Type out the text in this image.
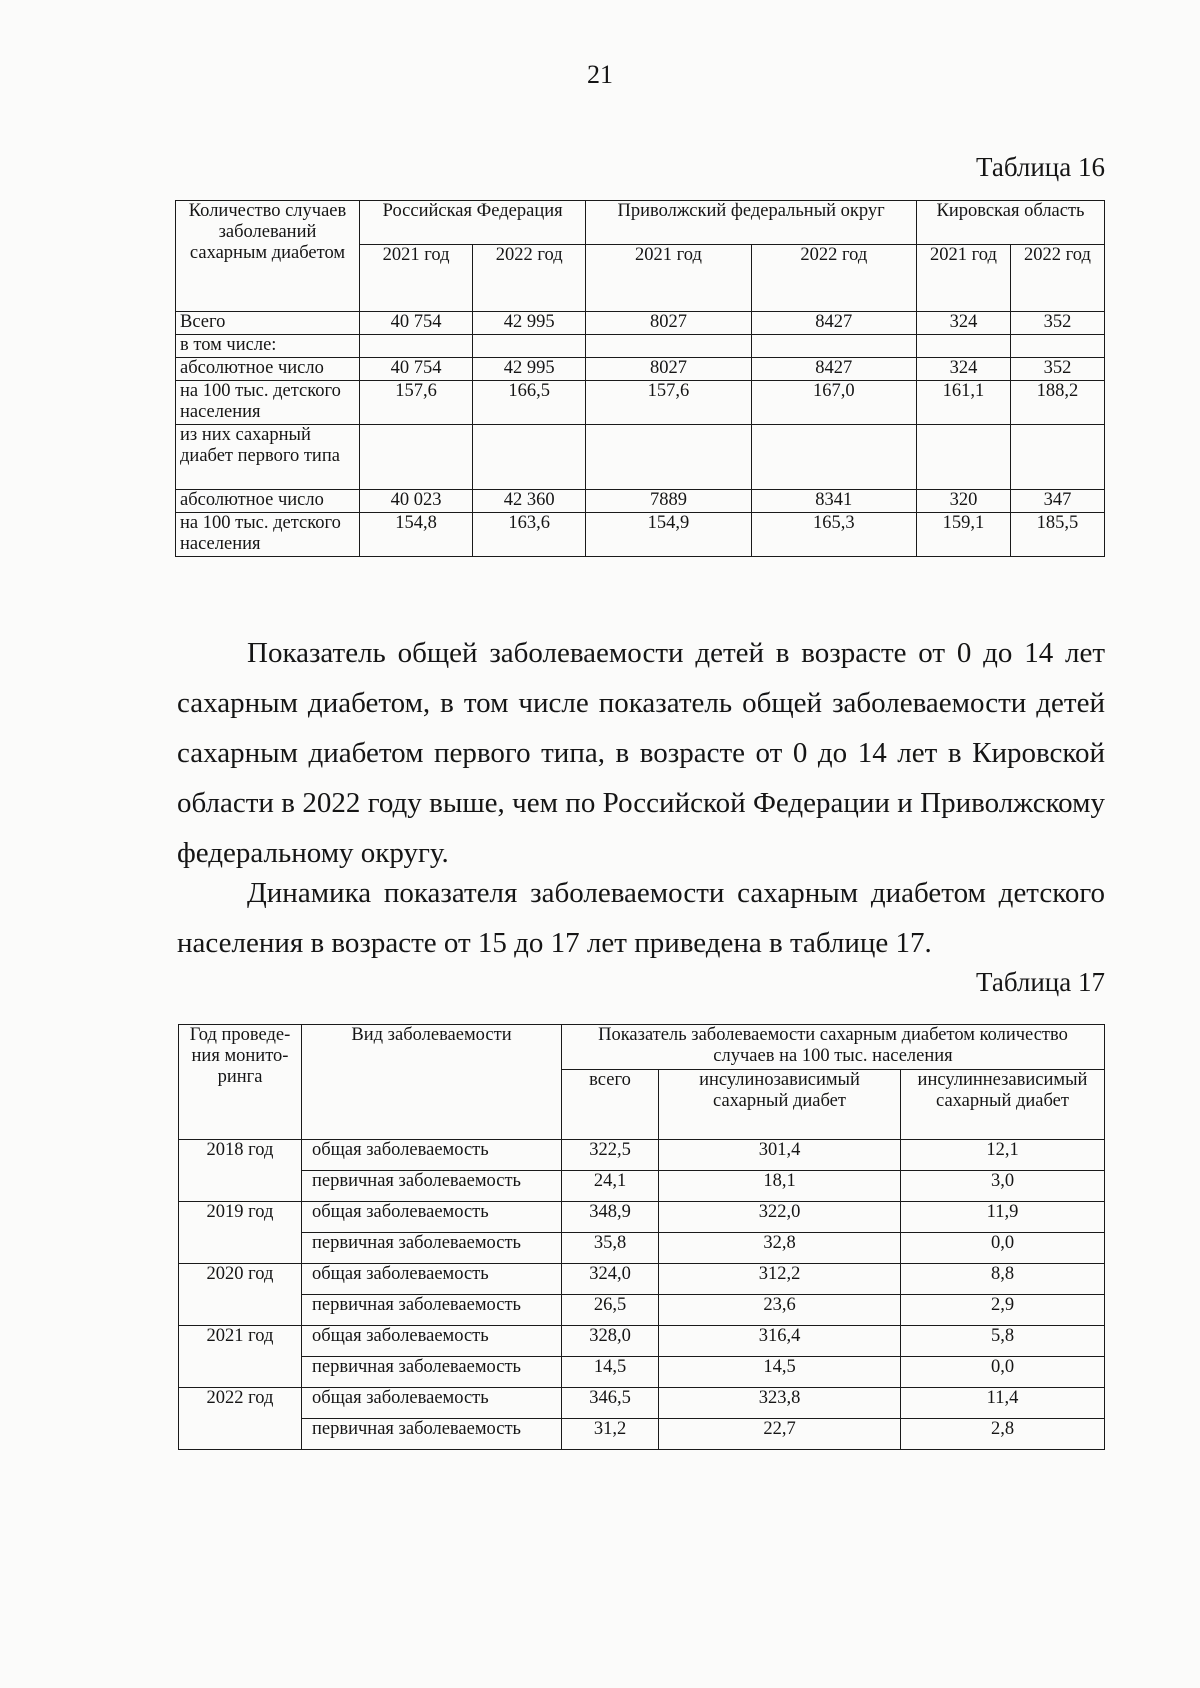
21
Таблица 16
Количество случаев заболеваний сахарным диабетом	Российская Федерация		Приволжский федеральный округ		Кировская область	
	2021 год	2022 год	2021 год	2022 год	2021 год	2022 год
Всего	40 754	42 995	8027	8427	324	352
в том числе:						
абсолютное число	40 754	42 995	8027	8427	324	352
на 100 тыс. детского населения	157,6	166,5	157,6	167,0	161,1	188,2
из них сахарный диабет первого типа						
абсолютное число	40 023	42 360	7889	8341	320	347
на 100 тыс. детского населения	154,8	163,6	154,9	165,3	159,1	185,5
Показатель общей заболеваемости детей в возрасте от 0 до 14 лет сахарным диабетом, в том числе показатель общей заболеваемости детей сахарным диабетом первого типа, в возрасте от 0 до 14 лет в Кировской области в 2022 году выше, чем по Российской Федерации и Приволжскому федеральному округу.
Динамика показателя заболеваемости сахарным диабетом детского населения в возрасте от 15 до 17 лет приведена в таблице 17.
Таблица 17
Год проведе-ния монито-ринга	Вид заболеваемости	Показатель заболеваемости сахарным диабетом количество случаев на 100 тыс. населения		
		всего	инсулинозависимый сахарный диабет	инсулиннезависимый сахарный диабет
2018 год	общая заболеваемость	322,5	301,4	12,1
	первичная заболеваемость	24,1	18,1	3,0
2019 год	общая заболеваемость	348,9	322,0	11,9
	первичная заболеваемость	35,8	32,8	0,0
2020 год	общая заболеваемость	324,0	312,2	8,8
	первичная заболеваемость	26,5	23,6	2,9
2021 год	общая заболеваемость	328,0	316,4	5,8
	первичная заболеваемость	14,5	14,5	0,0
2022 год	общая заболеваемость	346,5	323,8	11,4
	первичная заболеваемость	31,2	22,7	2,8
